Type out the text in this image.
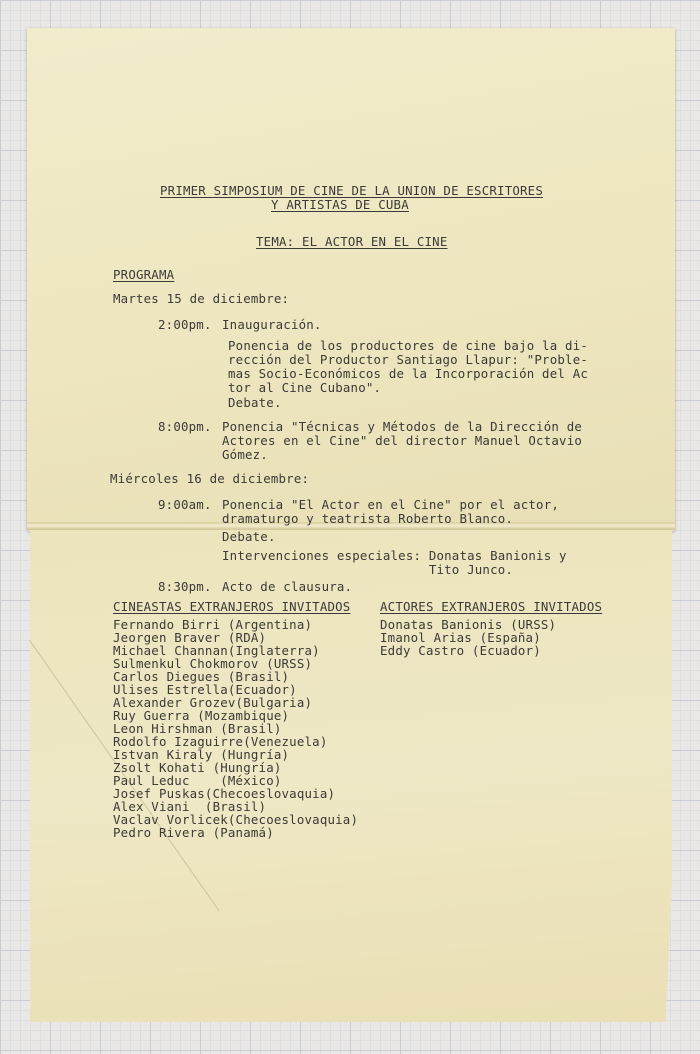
PRIMER SIMPOSIUM DE CINE DE LA UNION DE ESCRITORES
Y ARTISTAS DE CUBA
TEMA: EL ACTOR EN EL CINE
PROGRAMA
Martes 15 de diciembre:
2:00pm. Inauguración.
Ponencia de los productores de cine bajo la di-
rección del Productor Santiago Llapur: "Proble-
mas Socio-Económicos de la Incorporación del Ac
tor al Cine Cubano".
Debate.
8:00pm. Ponencia "Técnicas y Métodos de la Dirección de
Actores en el Cine" del director Manuel Octavio
Gómez.
Miércoles 16 de diciembre:
9:00am. Ponencia "El Actor en el Cine" por el actor,
dramaturgo y teatrista Roberto Blanco.
Debate.
Intervenciones especiales: Donatas Banionis y
Tito Junco.
8:30pm. Acto de clausura.
CINEASTAS EXTRANJEROS INVITADOS ACTORES EXTRANJEROS INVITADOS
Fernando Birri (Argentina)
Jeorgen Braver (RDA)
Michael Channan(Inglaterra)
Sulmenkul Chokmorov (URSS)
Carlos Diegues (Brasil)
Ulises Estrella(Ecuador)
Alexander Grozev(Bulgaria)
Ruy Guerra (Mozambique)
Leon Hirshman (Brasil)
Rodolfo Izaguirre(Venezuela)
Istvan Kiraly (Hungría)
Zsolt Kohati (Hungría)
Paul Leduc    (México)
Josef Puskas(Checoeslovaquia)
Alex Viani  (Brasil)
Vaclav Vorlicek(Checoeslovaquia)
Pedro Rivera (Panamá)
Donatas Banionis (URSS)
Imanol Arias (España)
Eddy Castro (Ecuador)
